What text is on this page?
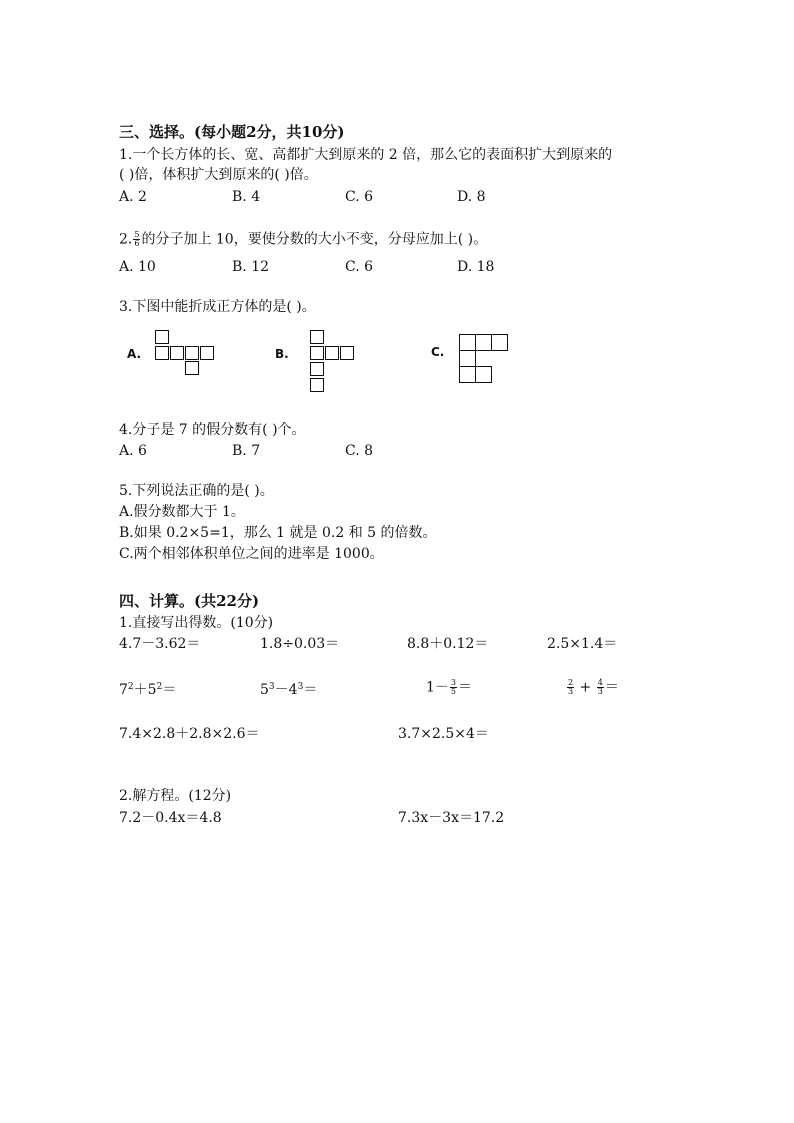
三、选择。(每小题2分，共10分)
1.一个长方体的长、宽、高都扩大到原来的 2 倍，那么它的表面积扩大到原来的
( )倍，体积扩大到原来的( )倍。
A. 2	B. 4	C. 6	D. 8
2. $\frac{5}{6}$ 的分子加上 10，要使分数的大小不变，分母应加上( )。
A. 10	B. 12	C. 6	D. 18
3.下图中能折成正方体的是( )。
A.	B.	C.
4.分子是 7 的假分数有( )个。
A. 6	B. 7	C. 8
5.下列说法正确的是( )。
A.假分数都大于 1。
B.如果 0.2×5=1，那么 1 就是 0.2 和 5 的倍数。
C.两个相邻体积单位之间的进率是 1000。
四、计算。(共22分)
1.直接写出得数。(10分)
4.7－3.62＝	1.8÷0.03＝	8.8＋0.12＝	2.5×1.4＝
$7^2+5^2=$	$5^3-4^3=$	$1- \frac{3}{5}$ ＝	$\frac{2}{3} + \frac{4}{3}$ ＝
7.4×2.8＋2.8×2.6＝	3.7×2.5×4＝
2.解方程。(12分)
7.2－0.4x＝4.8	7.3x－3x＝17.2
